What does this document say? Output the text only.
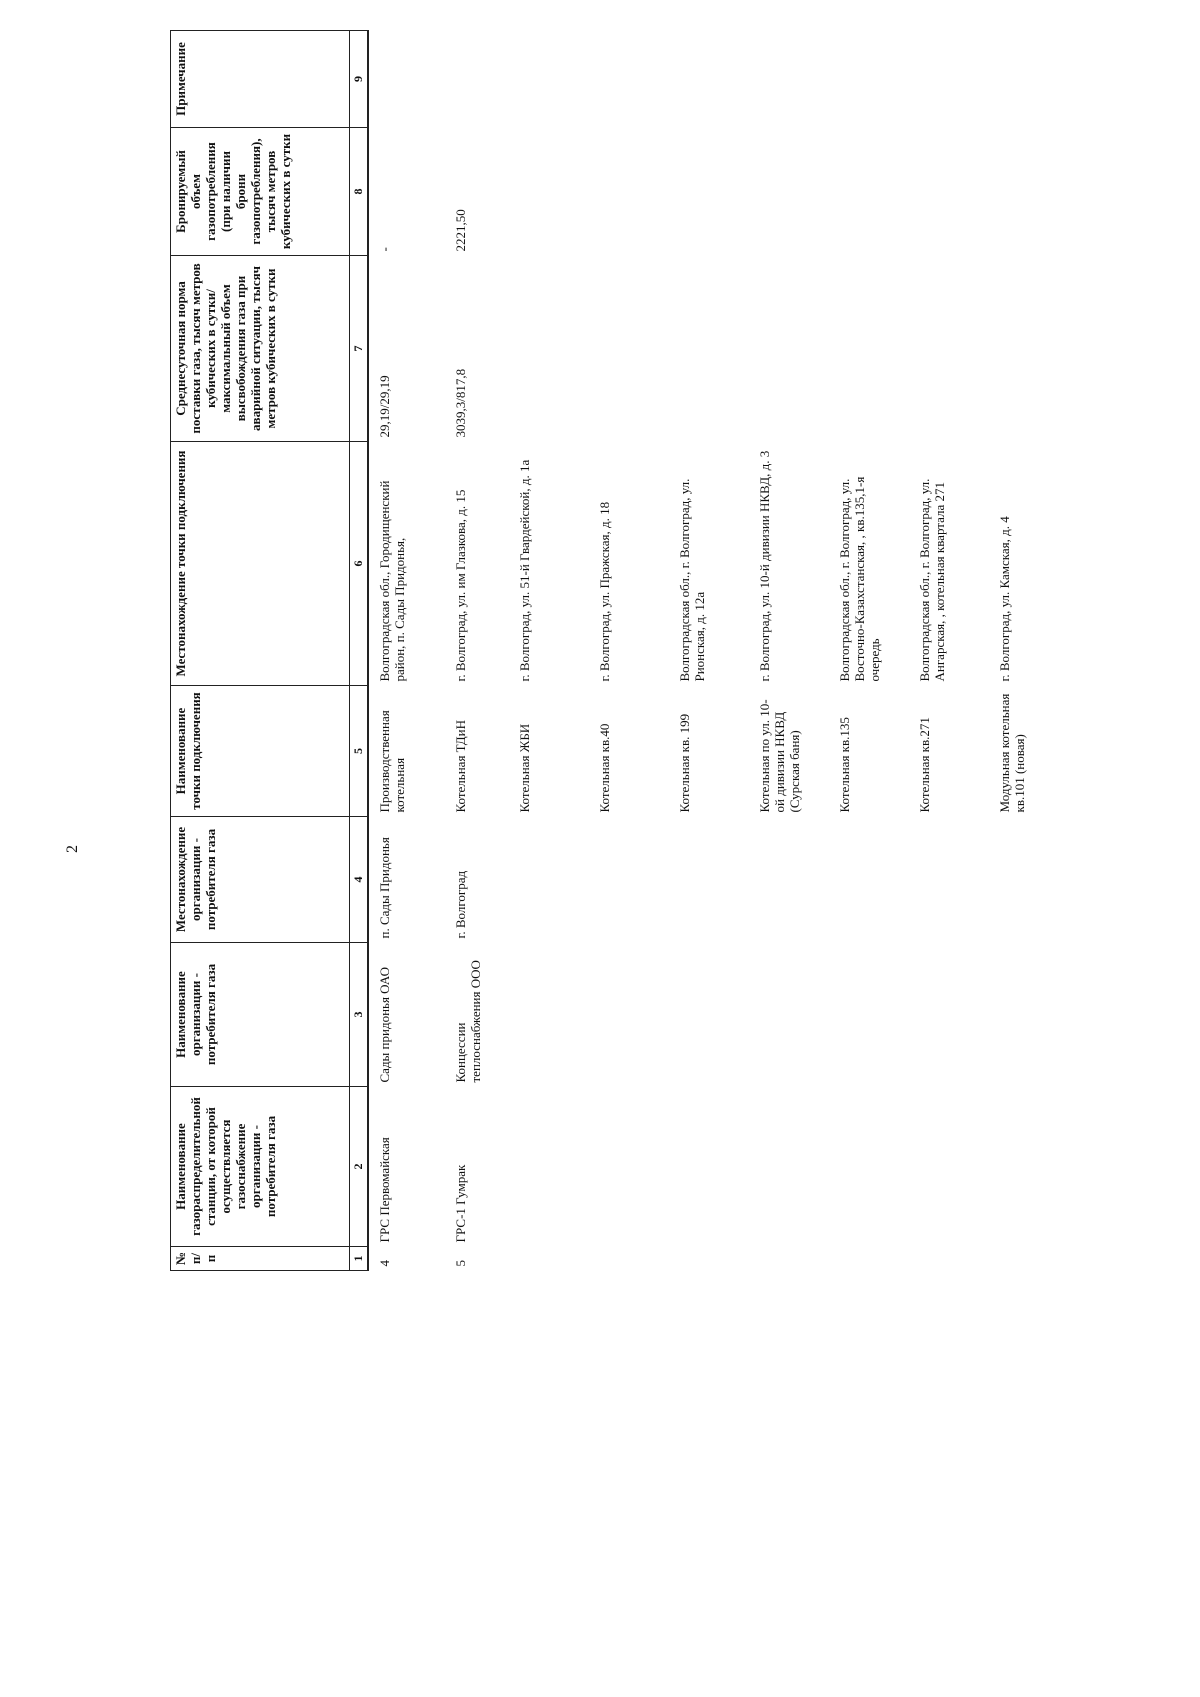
2
№ п/п	Наименование газораспределительной станции, от которой осуществляется газоснабжение организации - потребителя газа	Наименование организации - потребителя газа	Местонахождение организации - потребителя газа	Наименование точки подключения	Местонахождение точки подключения	Среднесуточная норма поставки газа, тысяч метров кубических в сутки/максимальный объем высвобождения газа при аварийной ситуации, тысяч метров кубических в сутки	Бронируемый объем газопотребления (при наличии брони газопотребления), тысяч метров кубических в сутки	Примечание
1	2	3	4	5	6	7	8	9
4	ГРС Первомайская	Сады придонья ОАО	п. Сады Придонья	Производственная котельная	Волгоградская обл., Городищенский район, п. Сады Придонья,	29,19/29,19	-	
5	ГРС-1 Гумрак	Концессии теплоснабжения ООО	г. Волгоград	Котельная ТДиН	г. Волгоград, ул. им Глазкова, д. 15	3039,3/817,8	2221,50	
				Котельная ЖБИ	г. Волгоград, ул. 51-й Гвардейской, д. 1а			
				Котельная кв.40	г. Волгоград, ул. Пражская, д. 18			
				Котельная кв. 199	Волгоградская обл., г. Волгоград, ул. Рионская, д. 12а			
				Котельная по ул. 10-ой дивизии НКВД (Сурская баня)	г. Волгоград, ул. 10-й дивизии НКВД, д. 3			
				Котельная кв.135	Волгоградская обл., г. Волгоград, ул. Восточно-Казахстанская, , кв.135,1-я очередь			
				Котельная кв.271	Волгоградская обл., г. Волгоград, ул. Ангарская, , котельная квартала 271			
				Модульная котельная кв.101 (новая)	г. Волгоград, ул. Камская, д. 4			
